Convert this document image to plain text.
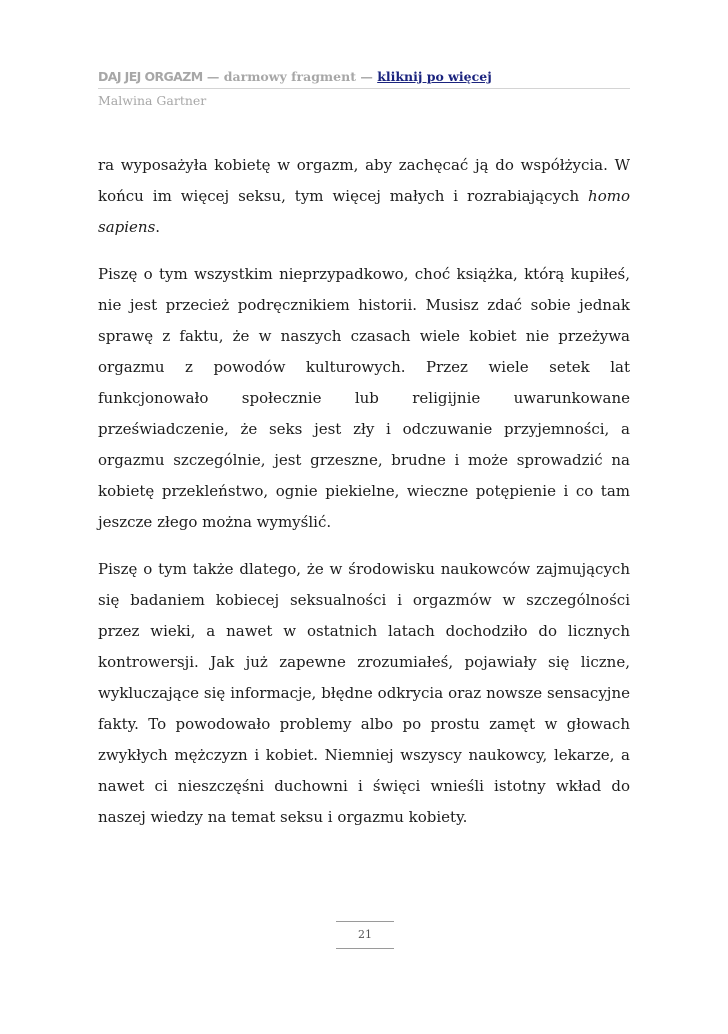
DAJ JEJ ORGAZM — darmowy fragment — kliknij po więcej
Malwina Gartner

ra wyposażyła kobietę w orgazm, aby zachęcać ją do współżycia. W końcu im więcej seksu, tym więcej małych i rozrabiających homo sapiens.

Piszę o tym wszystkim nieprzypadkowo, choć książka, którą kupiłeś, nie jest przecież podręcznikiem historii. Musisz zdać sobie jednak sprawę z faktu, że w naszych czasach wiele kobiet nie przeżywa orgazmu z powodów kulturowych. Przez wiele setek lat funkcjonowało społecznie lub religijnie uwarunkowane przeświadczenie, że seks jest zły i odczuwanie przyjemności, a orgazmu szczególnie, jest grzeszne, brudne i może sprowadzić na kobietę przekleństwo, ognie piekielne, wieczne potępienie i co tam jeszcze złego można wymyślić.

Piszę o tym także dlatego, że w środowisku naukowców zajmujących się badaniem kobiecej seksualności i orgazmów w szczególności przez wieki, a nawet w ostatnich latach dochodziło do licznych kontrowersji. Jak już zapewne zrozumiałeś, pojawiały się liczne, wykluczające się informacje, błędne odkrycia oraz nowsze sensacyjne fakty. To powodowało problemy albo po prostu zamęt w głowach zwykłych mężczyzn i kobiet. Niemniej wszyscy naukowcy, lekarze, a nawet ci nieszczęśni duchowni i święci wnieśli istotny wkład do naszej wiedzy na temat seksu i orgazmu kobiety.

21
